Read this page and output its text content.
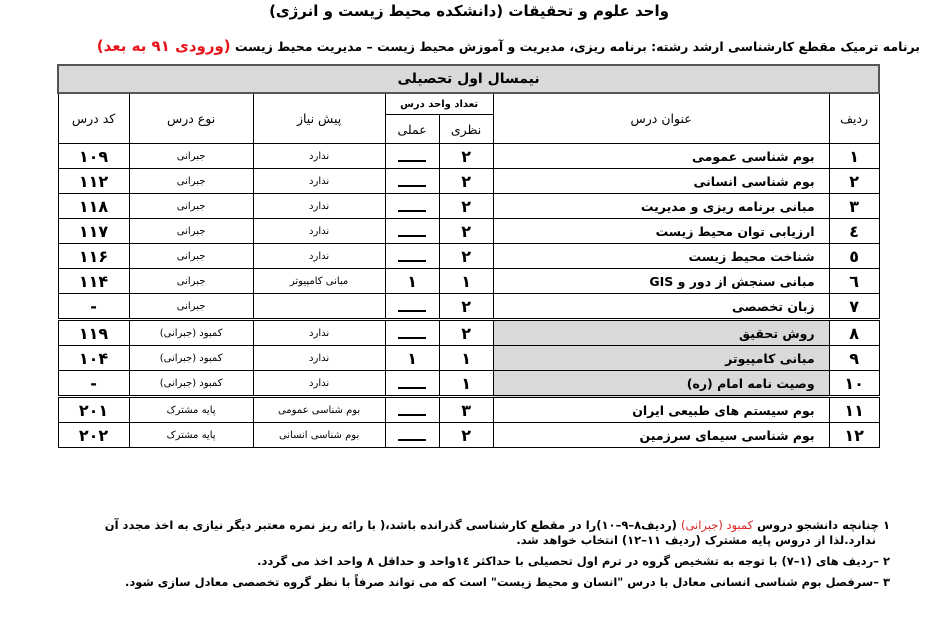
واحد علوم و تحقیقات (دانشکده محیط زیست و انرژی)
برنامه ترمیک مقطع کارشناسی ارشد رشته: برنامه ریزی، مدیریت و آموزش محیط زیست – مدیریت محیط زیست (ورودی ۹۱ به بعد)
نیمسال اول تحصیلی						
ردیف	عنوان درس	تعداد واحد درس		پیش نیاز	نوع درس	کد درس
		نظری	عملی			
۱	بوم شناسی عمومی	۲		ندارد	جبرانی	۱۰۹
۲	بوم شناسی انسانی	۲		ندارد	جبرانی	۱۱۲
۳	مبانی برنامه ریزی و مدیریت	۲		ندارد	جبرانی	۱۱۸
٤	ارزیابی توان محیط زیست	۲		ندارد	جبرانی	۱۱۷
٥	شناخت محیط زیست	۲		ندارد	جبرانی	۱۱۶
٦	مبانی سنجش از دور و GIS	۱	۱	مبانی کامپیوتر	جبرانی	۱۱۴
۷	زبان تخصصی	۲			جبرانی	-
۸	روش تحقیق	۲		ندارد	کمبود (جبرانی)	۱۱۹
۹	مبانی کامپیوتر	۱	۱	ندارد	کمبود (جبرانی)	۱۰۴
۱۰	وصیت نامه امام (ره)	۱		ندارد	کمبود (جبرانی)	-
۱۱	بوم سیستم های طبیعی ایران	۳		بوم شناسی عمومی	پایه مشترک	۲۰۱
۱۲	بوم شناسی سیمای سرزمین	۲		بوم شناسی انسانی	پایه مشترک	۲۰۲

۱ چنانچه دانشجو دروس کمبود (جبرانی) (ردیف۸–۹–۱۰)را در مقطع کارشناسی گذرانده باشد،( با رائه ریز نمره معتبر دیگر نیازی به اخذ مجدد آن
ندارد.لذا از دروس پایه مشترک (ردیف ۱۱–۱۲) انتخاب خواهد شد.

۲ –ردیف های (۱–۷) با توجه به تشخیص گروه در ترم اول تحصیلی با حداکثر ۱٤واحد و حداقل ۸ واحد اخذ می گردد.

۳ –سرفصل بوم شناسی انسانی معادل با درس "انسان و محیط زیست" است که می تواند صرفاً با نظر گروه تخصصی معادل سازی شود.
